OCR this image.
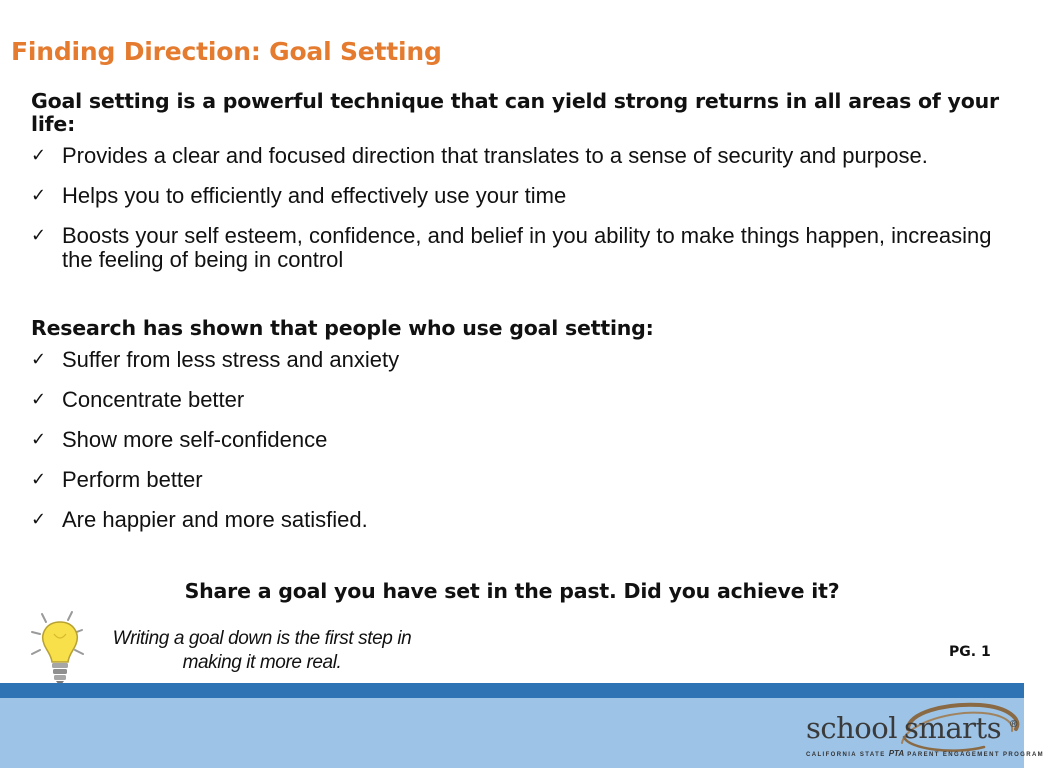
Finding Direction: Goal Setting

Goal setting is a powerful technique that can yield strong returns in all areas of your life:

✓ Provides a clear and focused direction that translates to a sense of security and purpose.
✓ Helps you to efficiently and effectively use your time
✓ Boosts your self esteem, confidence, and belief in you ability to make things happen, increasing the feeling of being in control

Research has shown that people who use goal setting:

✓ Suffer from less stress and anxiety
✓ Concentrate better
✓ Show more self-confidence
✓ Perform better
✓ Are happier and more satisfied.

Share a goal you have set in the past. Did you achieve it?

Writing a goal down is the first step in
making it more real.	PG. 1
school smarts ®
CALIFORNIA STATE PTA PARENT ENGAGEMENT PROGRAM
